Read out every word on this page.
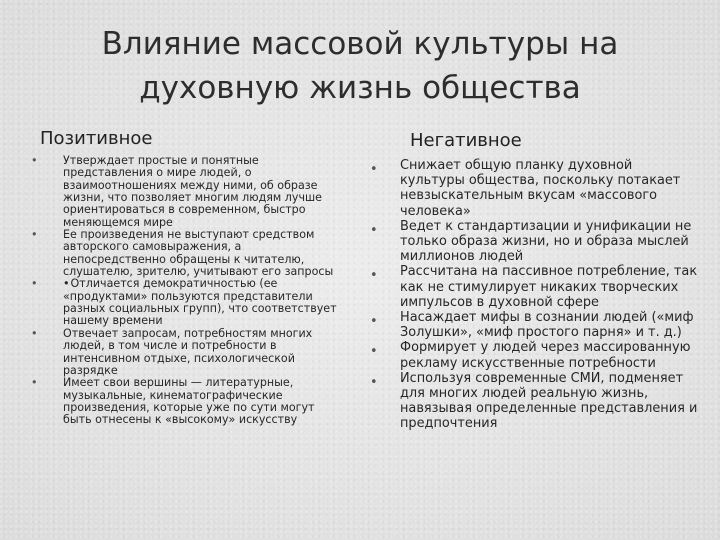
Влияние массовой культуры на
духовную жизнь общества
Позитивное	Негативное
• Утверждает простые и понятные представления о мире людей, о взаимоотношениях между ними, об образе жизни, что позволяет многим людям лучше ориентироваться в современном, быстро меняющемся мире
• Ее произведения не выступают средством авторского самовыражения, а непосредственно обращены к читателю, слушателю, зрителю, учитывают его запросы
• •Отличается демократичностью (ее «продуктами» пользуются представители разных социальных групп), что соответствует нашему времени
• Отвечает запросам, потребностям многих людей, в том числе и потребности в интенсивном отдыхе, психологической разрядке
• Имеет свои вершины — литературные, музыкальные, кинематографические произведения, которые уже по сути могут быть отнесены к «высокому» искусству
• Снижает общую планку духовной культуры общества, поскольку потакает невзыскательным вкусам «массового человека»
• Ведет к стандартизации и унификации не только образа жизни, но и образа мыслей миллионов людей
• Рассчитана на пассивное потребление, так как не стимулирует никаких творческих импульсов в духовной сфере
• Насаждает мифы в сознании людей («миф Золушки», «миф простого парня» и т. д.)
• Формирует у людей через массированную рекламу искусственные потребности
• Используя современные СМИ, подменяет для многих людей реальную жизнь, навязывая определенные представления и предпочтения
